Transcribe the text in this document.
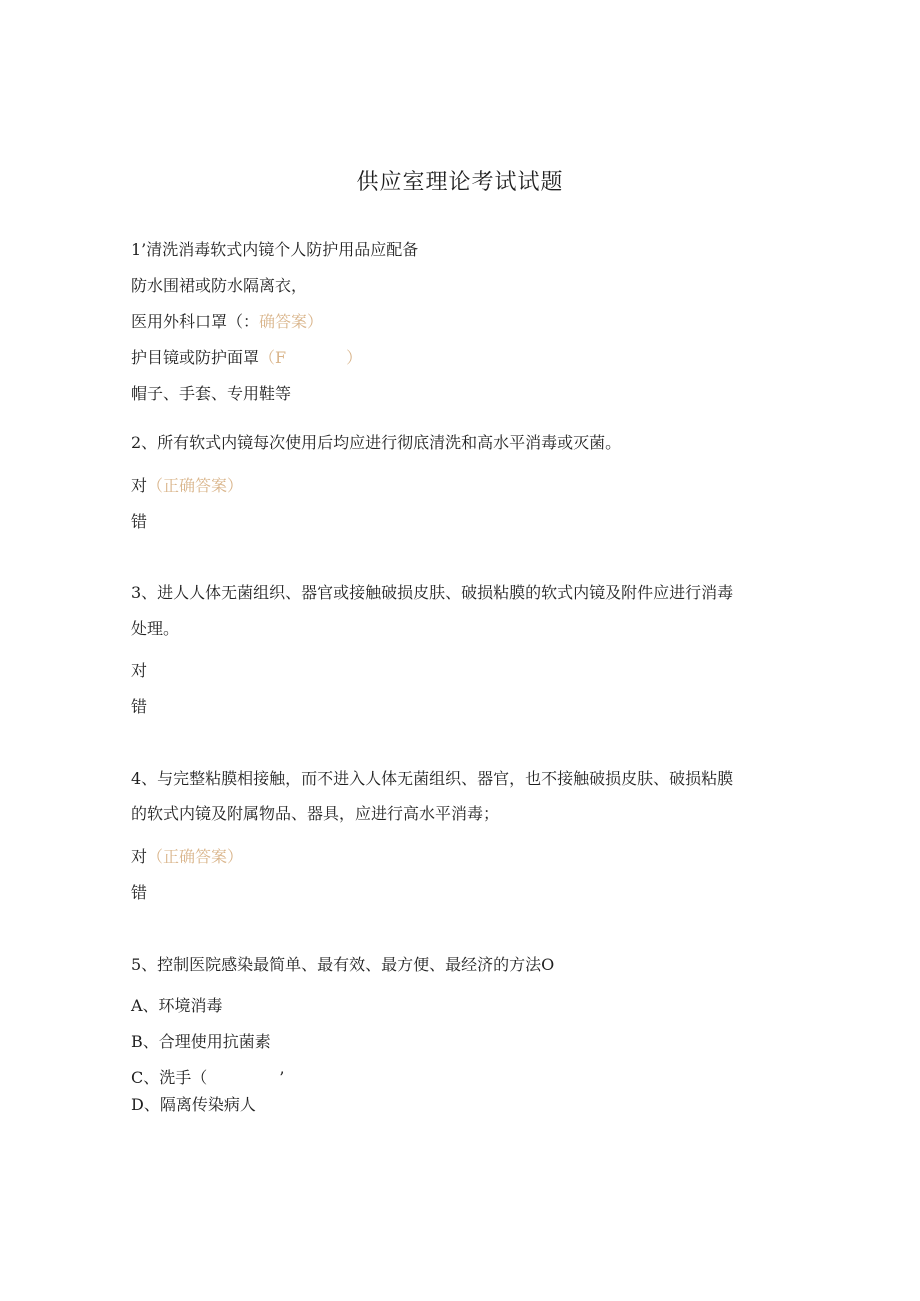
供应室理论考试试题
1’清洗消毒软式内镜个人防护用品应配备
防水围裙或防水隔离衣，
医用外科口罩（：确答案）
护目镜或防护面罩（F	）
帽子、手套、专用鞋等
2、所有软式内镜每次使用后均应进行彻底清洗和高水平消毒或灭菌。
对（正确答案）
错
3、进人人体无菌组织、器官或接触破损皮肤、破损粘膜的软式内镜及附件应进行消毒
处理。
对
错
4、与完整粘膜相接触，而不进入人体无菌组织、器官，也不接触破损皮肤、破损粘膜
的软式内镜及附属物品、器具，应进行高水平消毒；
对（正确答案）
错
5、控制医院感染最简单、最有效、最方便、最经济的方法O
A、环境消毒
B、合理使用抗菌素
C、洗手（	’
D、隔离传染病人
